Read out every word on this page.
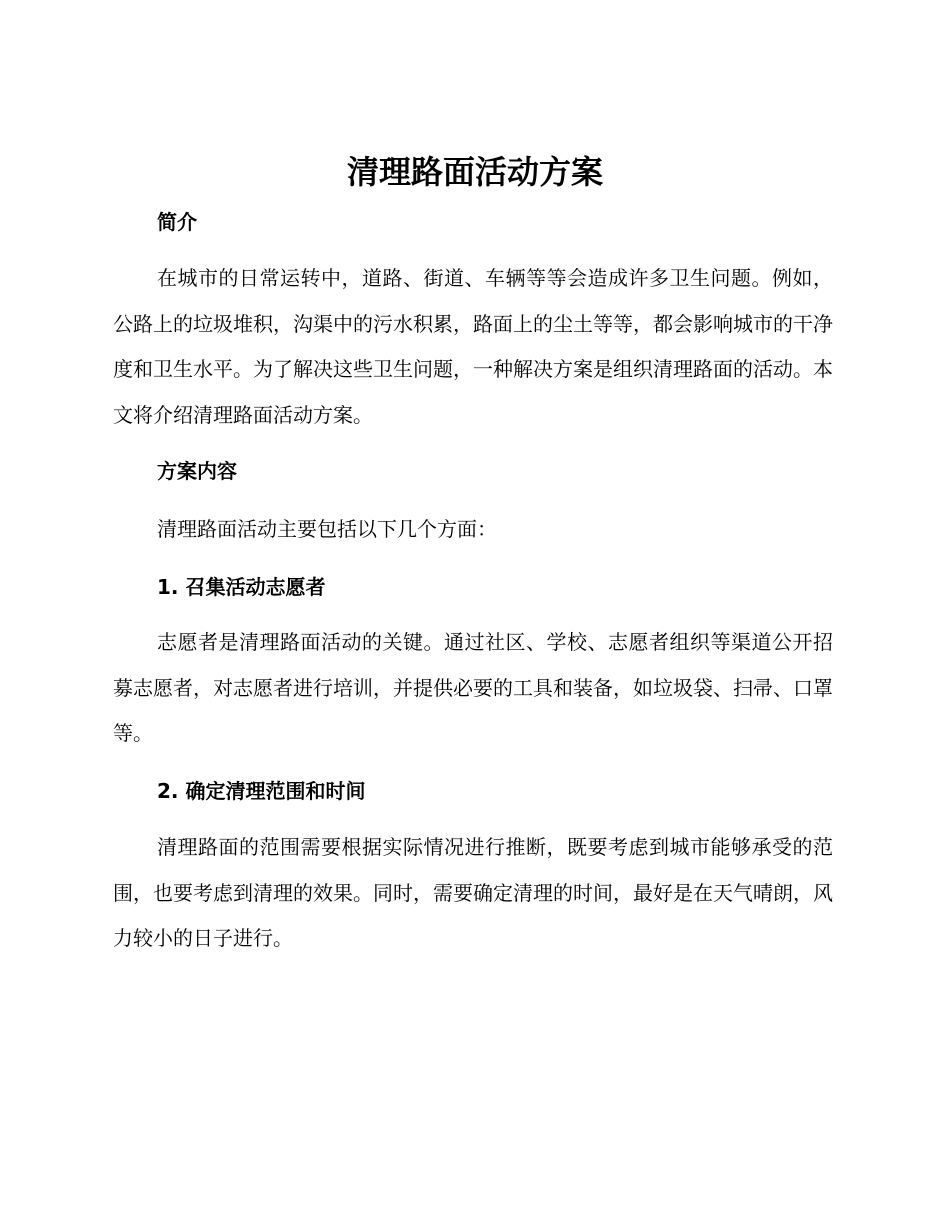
清理路面活动方案
简介

在城市的日常运转中，道路、街道、车辆等等会造成许多卫生问题。例如，公路上的垃圾堆积，沟渠中的污水积累，路面上的尘土等等，都会影响城市的干净度和卫生水平。为了解决这些卫生问题，一种解决方案是组织清理路面的活动。本文将介绍清理路面活动方案。

方案内容

清理路面活动主要包括以下几个方面：

1. 召集活动志愿者

志愿者是清理路面活动的关键。通过社区、学校、志愿者组织等渠道公开招募志愿者，对志愿者进行培训，并提供必要的工具和装备，如垃圾袋、扫帚、口罩等。

2. 确定清理范围和时间

清理路面的范围需要根据实际情况进行推断，既要考虑到城市能够承受的范围，也要考虑到清理的效果。同时，需要确定清理的时间，最好是在天气晴朗，风力较小的日子进行。
